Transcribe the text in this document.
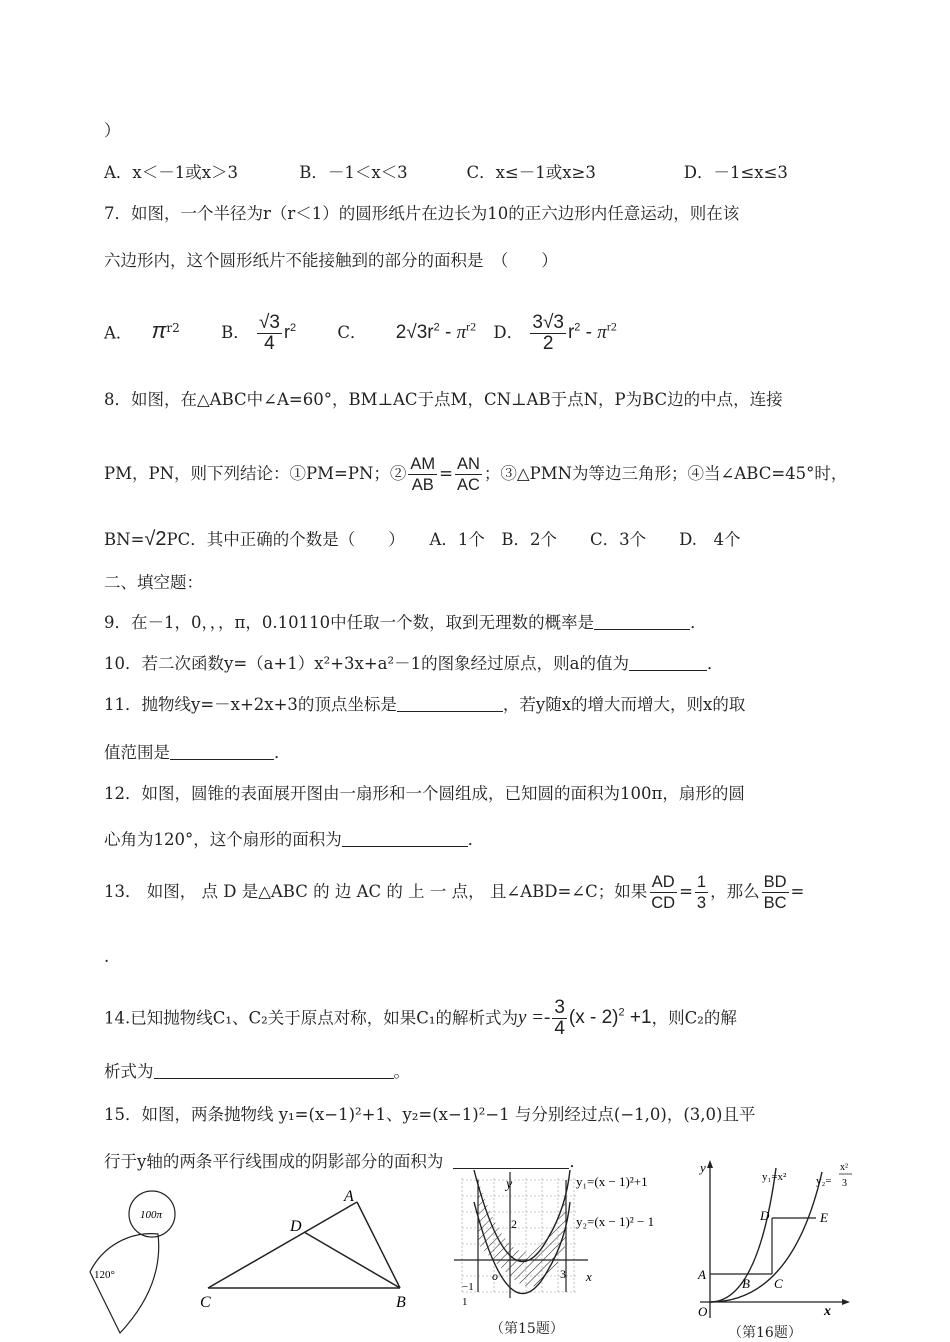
）
A．x＜－1或x＞3	B．－1＜x＜3	C．x≤－1或x≥3	D．－1≤x≤3
7．如图，一个半径为r（r＜1）的圆形纸片在边长为10的正六边形内任意运动，则在该
六边形内，这个圆形纸片不能接触到的部分的面积是　（　　）
A． $\pi^{r2}$	B． $\frac{√3}{4} r^2$	C． $2√3r^2 - \pi^{r2}$ D． $\frac{3√3}{2} r^2 - \pi^{r2}$
8．如图，在△ABC中∠A=60°，BM⊥AC于点M，CN⊥AB于点N，P为BC边的中点，连接
PM，PN，则下列结论：①PM=PN；② $\frac{AM}{AB} = \frac{AN}{AC}$ ；③△PMN为等边三角形；④当∠ABC=45°时，
BN=√2PC．其中正确的个数是（　　）　　A．1个　B．2个　　C．3个　　D.　4个
二、填空题：
9．在－1，0，，，π，0.10110中任取一个数，取到无理数的概率是	．
10．若二次函数y=（a+1）x²+3x+a²－1的图象经过原点，则a的值为	．
11．抛物线y=－x+2x+3的顶点坐标是	，若y随x的增大而增大，则x的取
值范围是	．
12．如图，圆锥的表面展开图由一扇形和一个圆组成，已知圆的面积为100π，扇形的圆
心角为120°，这个扇形的面积为	．
13． 如图， 点 D 是△ABC 的 边 AC 的 上 一 点， 且∠ABD=∠C；如果 $\frac{AD}{CD} = \frac{1}{3}$ ，那么 $\frac{BD}{BC}$ =
.
14.已知抛物线C₁、C₂关于原点对称，如果C₁的解析式为$y =- \frac{3}{4} (x - 2)^2 +1$，则C₂的解
析式为	。
15．如图，两条抛物线 y₁=(x−1)²+1、y₂=(x−1)²−1 与分别经过点(−1,0)，(3,0)且平
行于y轴的两条平行线围成的阴影部分的面积为	．
100π
120°
A
D
C	B
y
x
o
2
3
−1
1
y₁=(x − 1)²+1
y₂=(x − 1)² − 1
（第15题）
y
x
O
A
B C
D	E
y₁=x²	y₂=
x²
3
（第16题）
